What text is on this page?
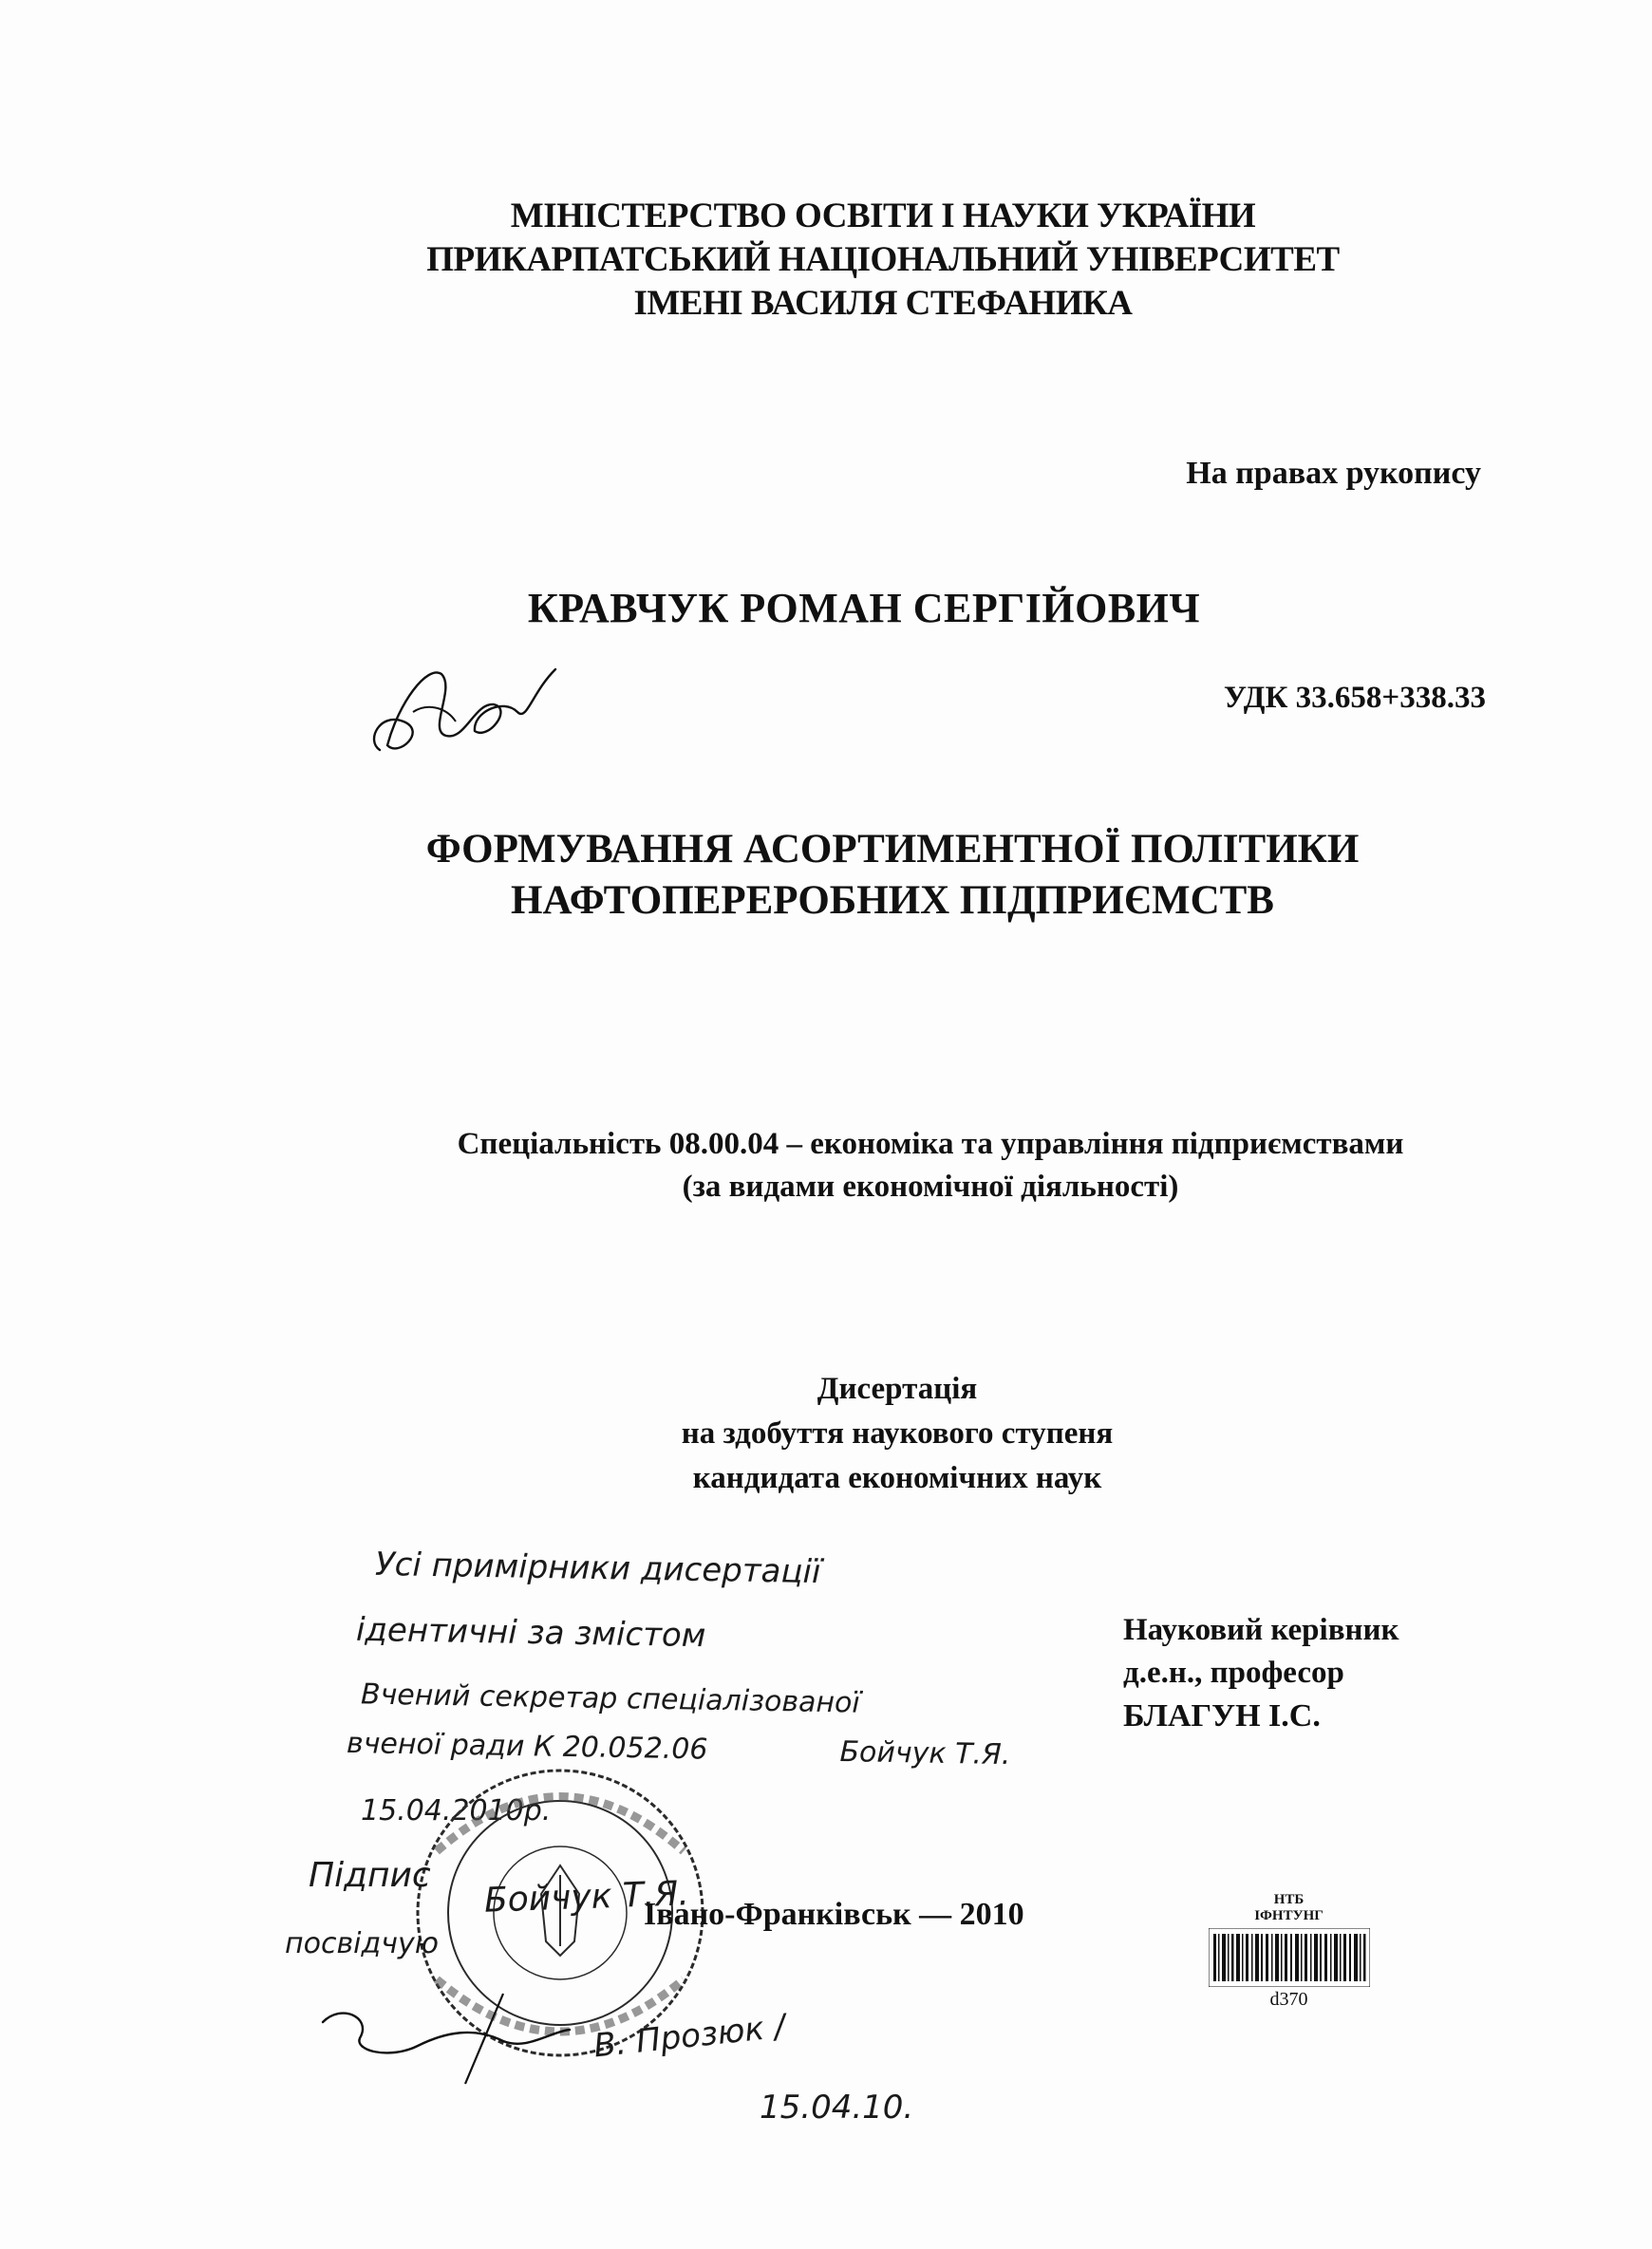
МІНІСТЕРСТВО ОСВІТИ І НАУКИ УКРАЇНИ
ПРИКАРПАТСЬКИЙ НАЦІОНАЛЬНИЙ УНІВЕРСИТЕТ
ІМЕНІ ВАСИЛЯ СТЕФАНИКА
На правах рукопису
КРАВЧУК РОМАН СЕРГІЙОВИЧ
УДК 33.658+338.33
ФОРМУВАННЯ АСОРТИМЕНТНОЇ ПОЛІТИКИ
НАФТОПЕРЕРОБНИХ ПІДПРИЄМСТВ
Спеціальність 08.00.04 – економіка та управління підприємствами
(за видами економічної діяльності)
Дисертація
на здобуття наукового ступеня
кандидата економічних наук
Науковий керівник
д.е.н., професор
БЛАГУН І.С.
Усі примірники дисертації
ідентичні за змістом
Вчений секретар спеціалізованої
вченої ради К 20.052.06	Бойчук Т.Я.
15.04.2010р.
Підпис Бойчук Т.Я.
посвідчую
В. Прозюк /
15.04.10.
Івано-Франківськ — 2010	НТБ
ІФНТУНГ
d370
